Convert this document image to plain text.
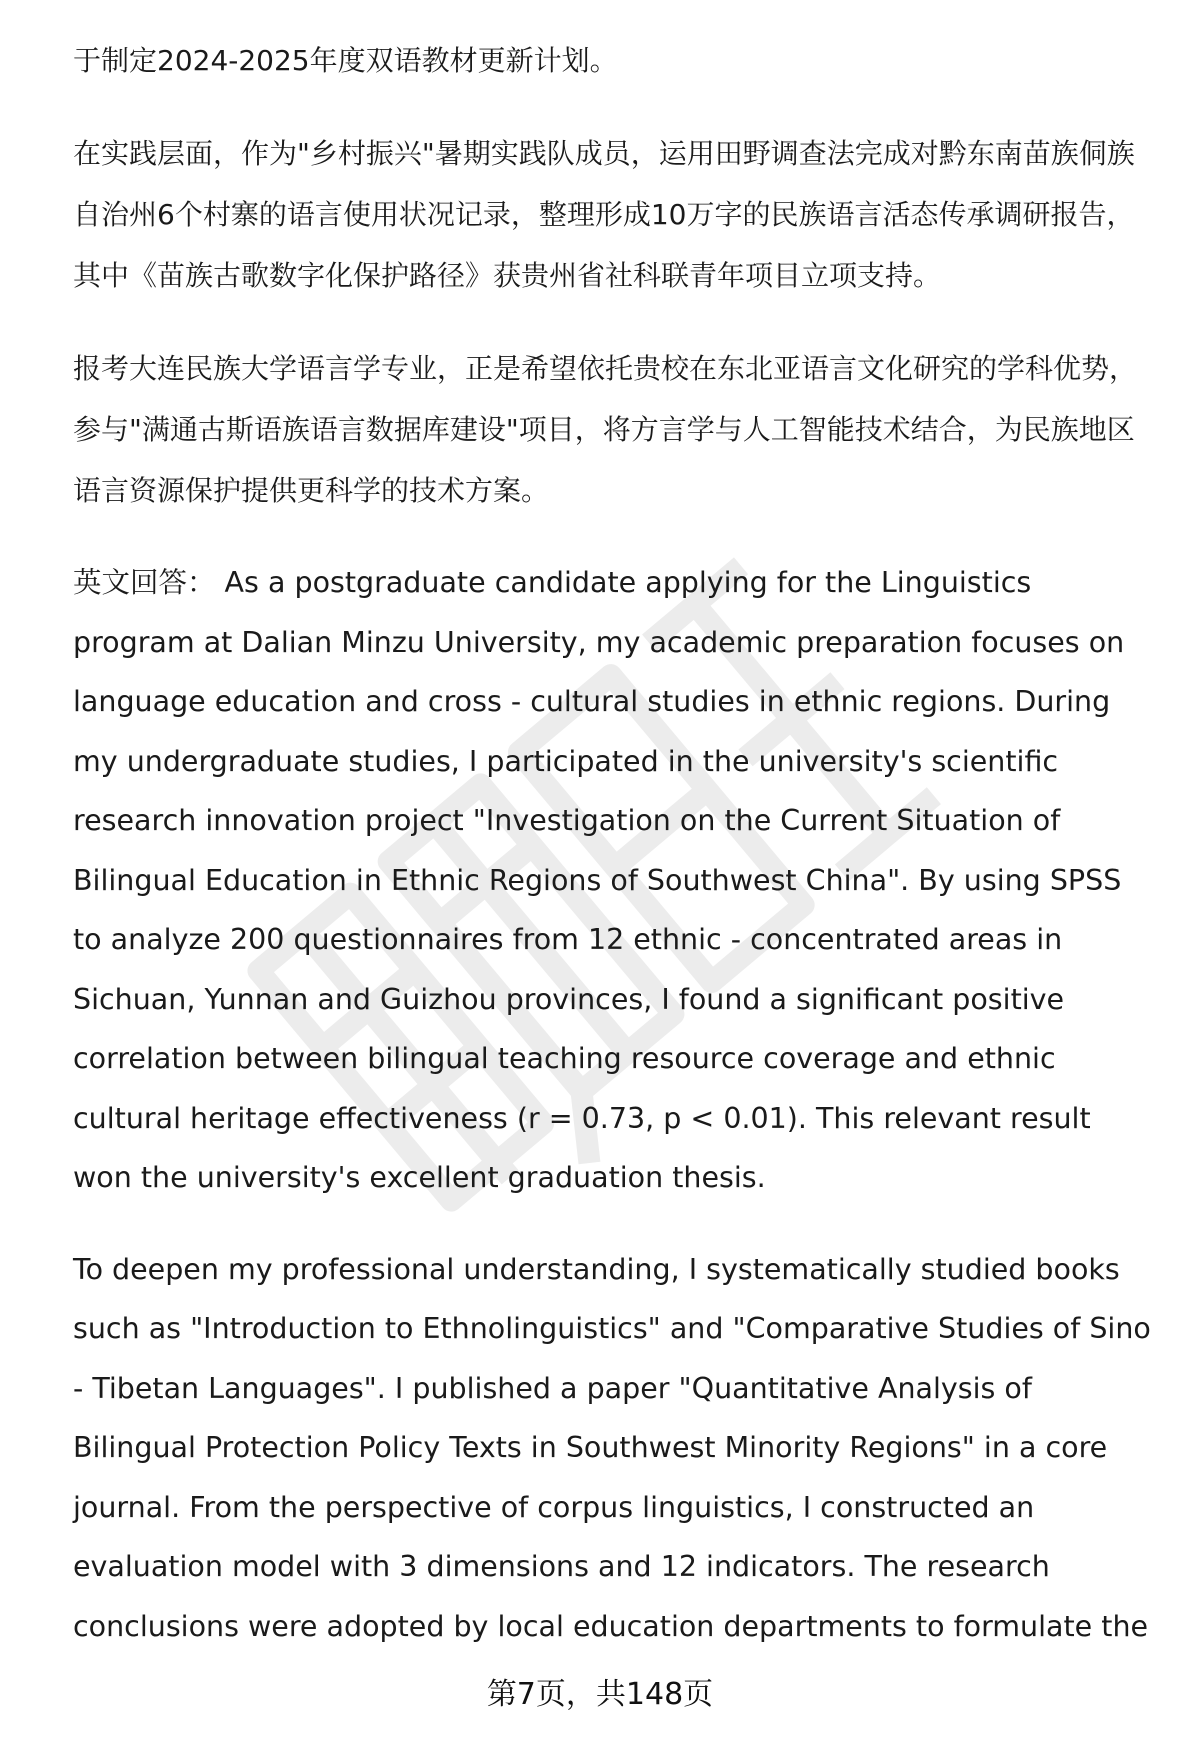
于制定2024-2025年度双语教材更新计划。

在实践层面，作为"乡村振兴"暑期实践队成员，运用田野调查法完成对黔东南苗族侗族自治州6个村寨的语言使用状况记录，整理形成10万字的民族语言活态传承调研报告，其中《苗族古歌数字化保护路径》获贵州省社科联青年项目立项支持。

报考大连民族大学语言学专业，正是希望依托贵校在东北亚语言文化研究的学科优势，参与"满通古斯语族语言数据库建设"项目，将方言学与人工智能技术结合，为民族地区语言资源保护提供更科学的技术方案。

英文回答： As a postgraduate candidate applying for the Linguistics program at Dalian Minzu University, my academic preparation focuses on language education and cross - cultural studies in ethnic regions. During my undergraduate studies, I participated in the university's scientific research innovation project "Investigation on the Current Situation of Bilingual Education in Ethnic Regions of Southwest China". By using SPSS to analyze 200 questionnaires from 12 ethnic - concentrated areas in Sichuan, Yunnan and Guizhou provinces, I found a significant positive correlation between bilingual teaching resource coverage and ethnic cultural heritage effectiveness (r = 0.73, p < 0.01). This relevant result won the university's excellent graduation thesis.

To deepen my professional understanding, I systematically studied books such as "Introduction to Ethnolinguistics" and "Comparative Studies of Sino - Tibetan Languages". I published a paper "Quantitative Analysis of Bilingual Protection Policy Texts in Southwest Minority Regions" in a core journal. From the perspective of corpus linguistics, I constructed an evaluation model with 3 dimensions and 12 indicators. The research conclusions were adopted by local education departments to formulate the

第7页，共148页
